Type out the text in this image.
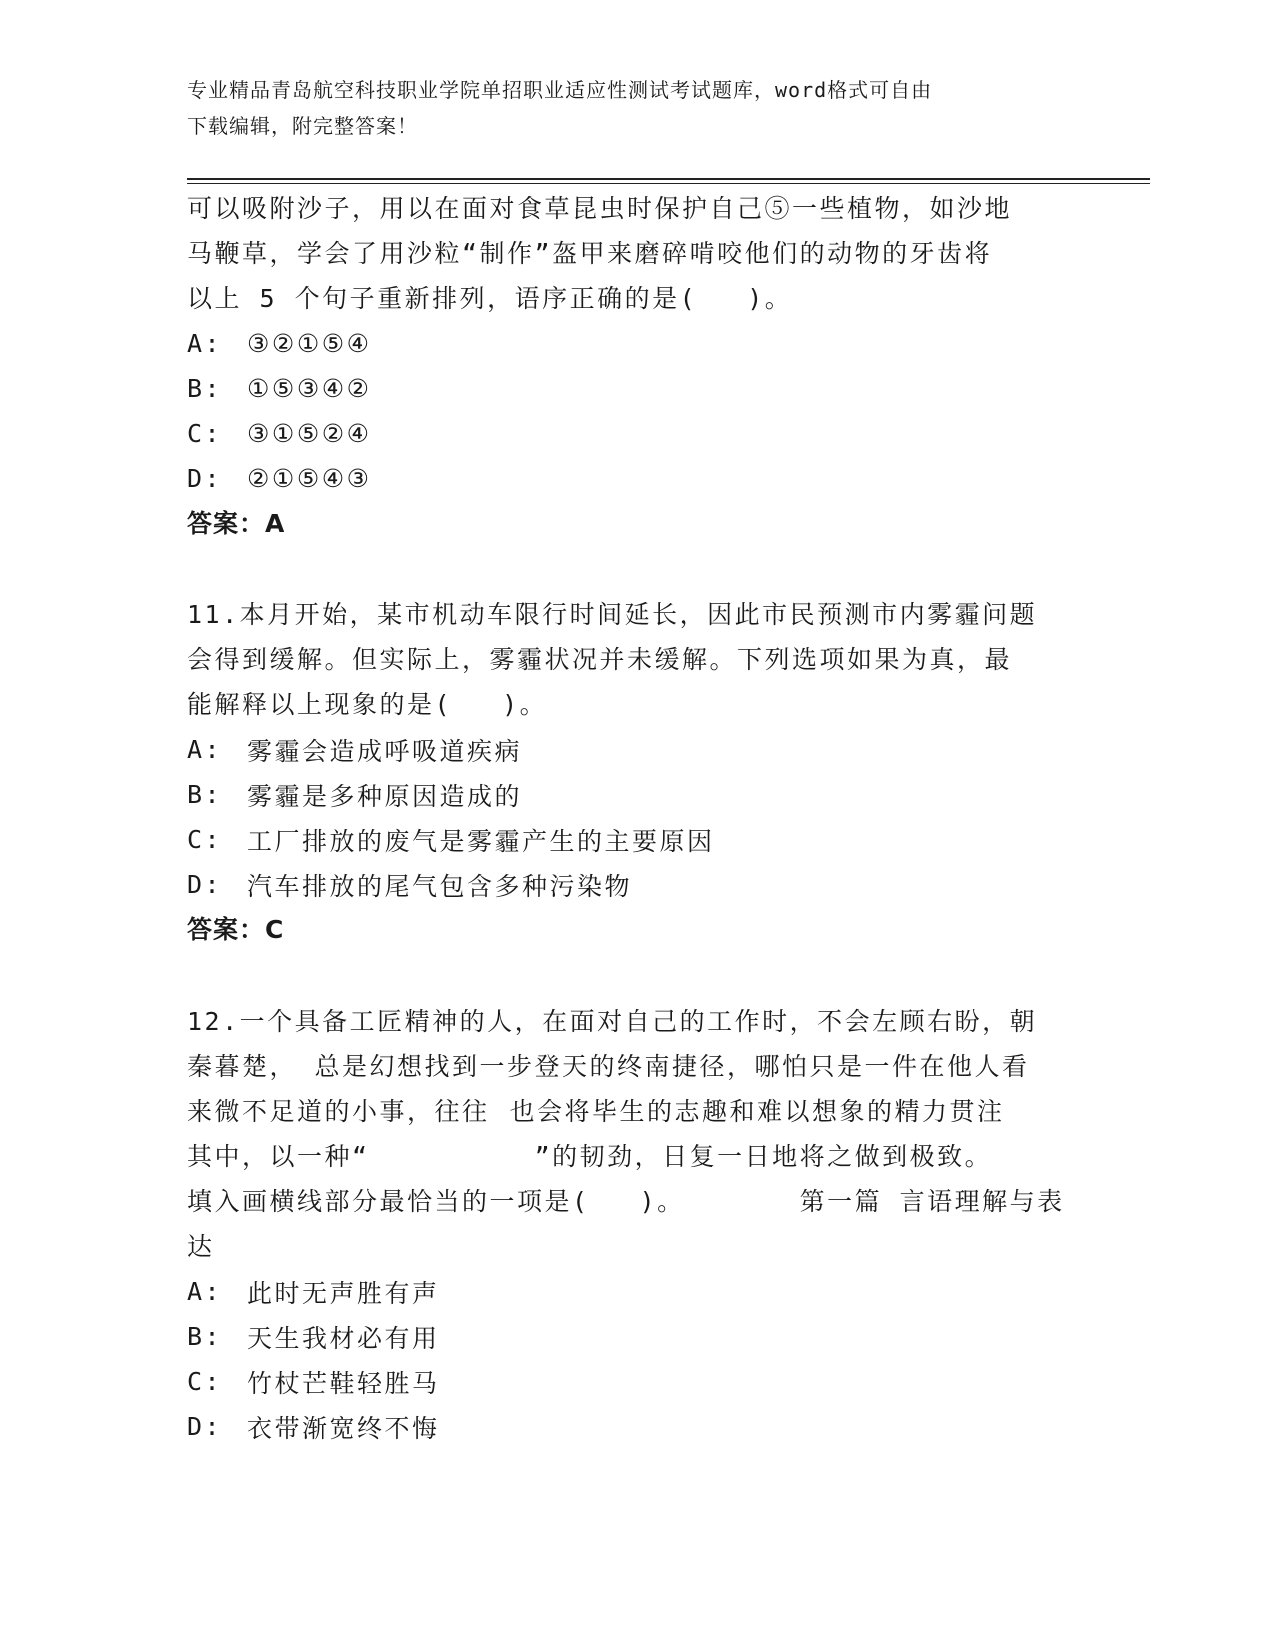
专业精品青岛航空科技职业学院单招职业适应性测试考试题库，word格式可自由
下载编辑，附完整答案！

可以吸附沙子，用以在面对食草昆虫时保护自己⑤一些植物，如沙地

马鞭草，学会了用沙粒“制作”盔甲来磨碎啃咬他们的动物的牙齿将

以上 5 个句子重新排列，语序正确的是( )。

A: ③②①⑤④
B: ①⑤③④②
C: ③①⑤②④
D: ②①⑤④③
答案：A

11.本月开始，某市机动车限行时间延长，因此市民预测市内雾霾问题

会得到缓解。但实际上，雾霾状况并未缓解。下列选项如果为真，最

能解释以上现象的是( )。

A: 雾霾会造成呼吸道疾病
B: 雾霾是多种原因造成的
C: 工厂排放的废气是雾霾产生的主要原因
D: 汽车排放的尾气包含多种污染物
答案：C

12.一个具备工匠精神的人，在面对自己的工作时，不会左顾右盼，朝

秦暮楚， 总是幻想找到一步登天的终南捷径，哪怕只是一件在他人看

来微不足道的小事，往往 也会将毕生的志趣和难以想象的精力贯注

其中，以一种“	”的韧劲，日复一日地将之做到极致。

填入画横线部分最恰当的一项是( )。	第一篇 言语理解与表

达

A: 此时无声胜有声
B: 天生我材必有用
C: 竹杖芒鞋轻胜马
D: 衣带渐宽终不悔
